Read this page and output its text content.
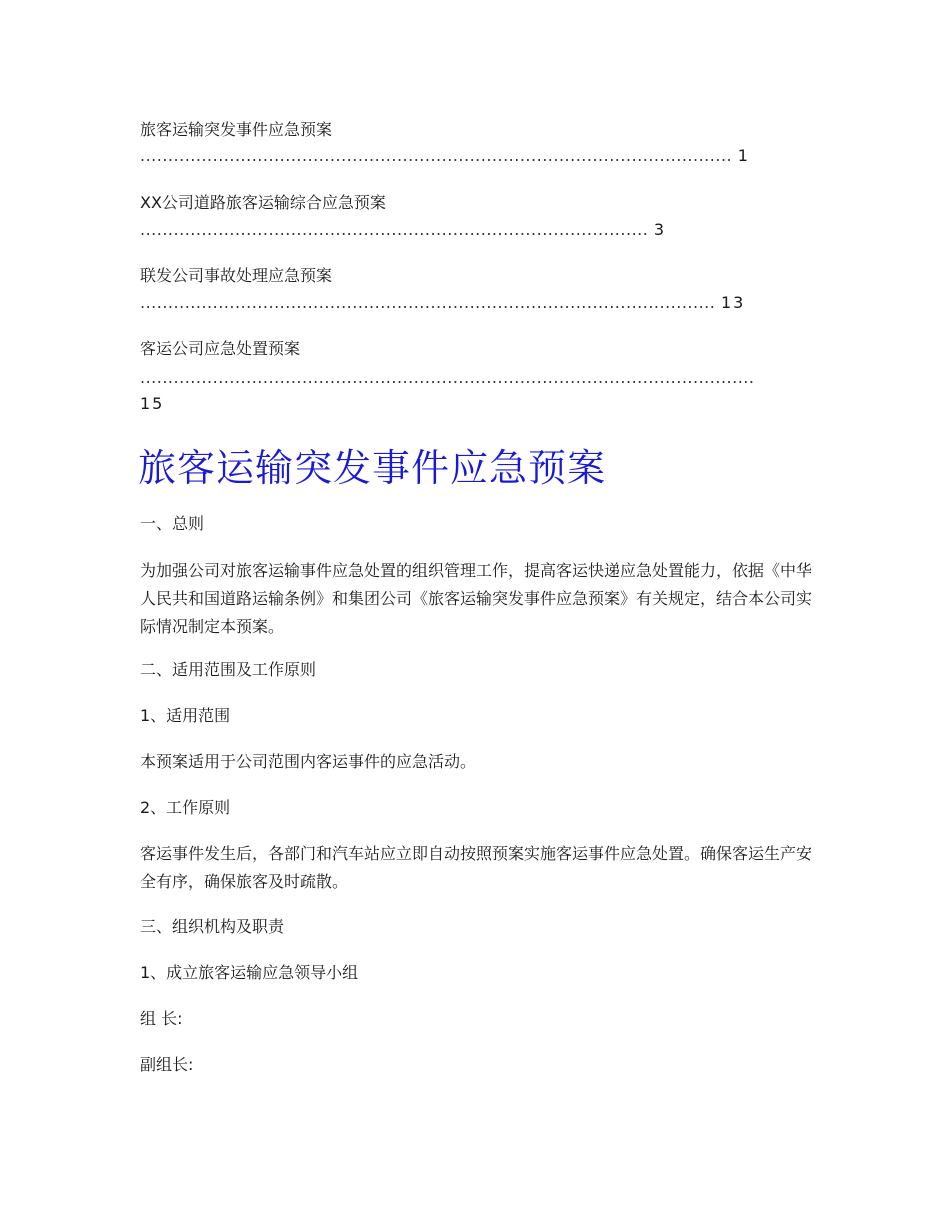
旅客运输突发事件应急预案
.......................................................................................................... 1
XX公司道路旅客运输综合应急预案
........................................................................................... 3
联发公司事故处理应急预案
....................................................................................................... 13
客运公司应急处置预案
..............................................................................................................
15
旅客运输突发事件应急预案

一、总则

为加强公司对旅客运输事件应急处置的组织管理工作，提高客运快递应急处置能力，依据《中华人民共和国道路运输条例》和集团公司《旅客运输突发事件应急预案》有关规定，结合本公司实际情况制定本预案。

二、适用范围及工作原则

1、适用范围

本预案适用于公司范围内客运事件的应急活动。

2、工作原则

客运事件发生后，各部门和汽车站应立即自动按照预案实施客运事件应急处置。确保客运生产安全有序，确保旅客及时疏散。

三、组织机构及职责

1、成立旅客运输应急领导小组

组 长:

副组长:
